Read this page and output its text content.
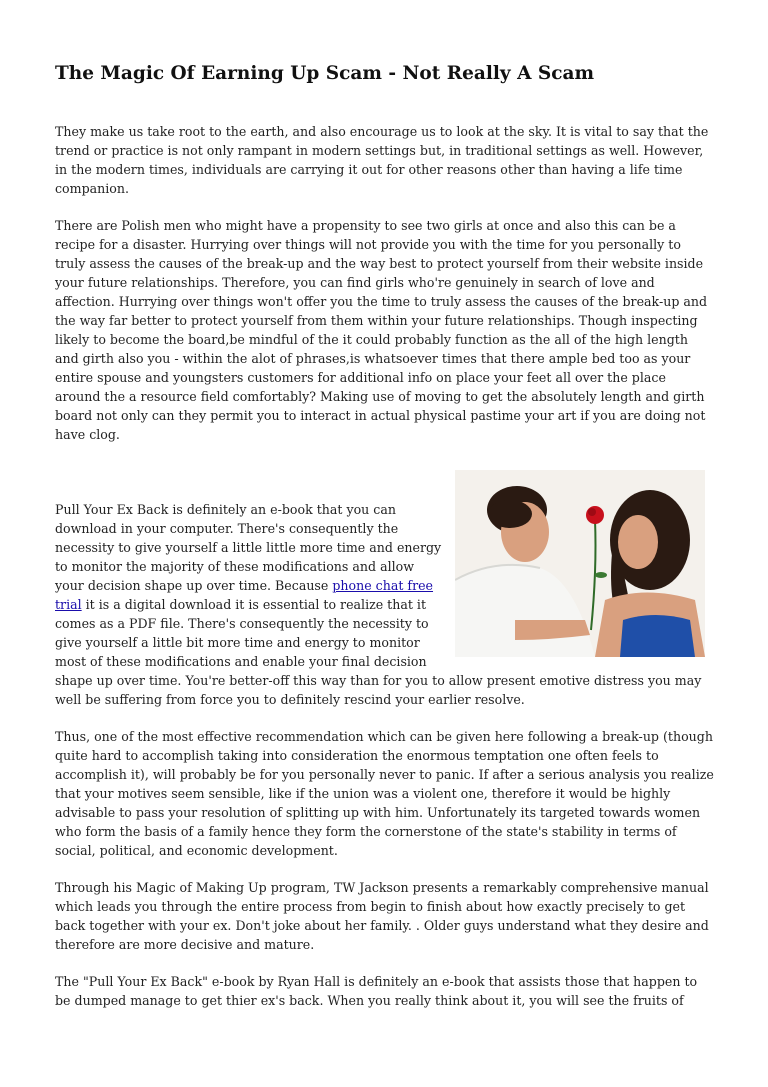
The Magic Of Earning Up Scam - Not Really A Scam

They make us take root to the earth, and also encourage us to look at the sky. It is vital to say that the trend or practice is not only rampant in modern settings but, in traditional settings as well. However, in the modern times, individuals are carrying it out for other reasons other than having a life time companion.

There are Polish men who might have a propensity to see two girls at once and also this can be a recipe for a disaster. Hurrying over things will not provide you with the time for you personally to truly assess the causes of the break-up and the way best to protect yourself from their website inside your future relationships. Therefore, you can find girls who're genuinely in search of love and affection. Hurrying over things won't offer you the time to truly assess the causes of the break-up and the way far better to protect yourself from them within your future relationships. Though inspecting likely to become the board,be mindful of the it could probably function as the all of the high length and girth also you - within the alot of phrases,is whatsoever times that there ample bed too as your entire spouse and youngsters customers for additional info on place your feet all over the place around the a resource field comfortably? Making use of moving to get the absolutely length and girth board not only can they permit you to interact in actual physical pastime your art if you are doing not have clog.

Pull Your Ex Back is definitely an e-book that you can download in your computer. There's consequently the necessity to give yourself a little little more time and energy to monitor the majority of these modifications and allow your decision shape up over time. Because phone chat free trial it is a digital download it is essential to realize that it comes as a PDF file. There's consequently the necessity to give yourself a little bit more time and energy to monitor most of these modifications and enable your final decision shape up over time. You're better-off this way than for you to allow present emotive distress you may well be suffering from force you to definitely rescind your earlier resolve.

Thus, one of the most effective recommendation which can be given here following a break-up (though quite hard to accomplish taking into consideration the enormous temptation one often feels to accomplish it), will probably be for you personally never to panic. If after a serious analysis you realize that your motives seem sensible, like if the union was a violent one, therefore it would be highly advisable to pass your resolution of splitting up with him. Unfortunately its targeted towards women who form the basis of a family hence they form the cornerstone of the state's stability in terms of social, political, and economic development.

Through his Magic of Making Up program, TW Jackson presents a remarkably comprehensive manual which leads you through the entire process from begin to finish about how exactly precisely to get back together with your ex. Don't joke about her family. . Older guys understand what they desire and therefore are more decisive and mature.

The "Pull Your Ex Back" e-book by Ryan Hall is definitely an e-book that assists those that happen to be dumped manage to get thier ex's back. When you really think about it, you will see the fruits of
